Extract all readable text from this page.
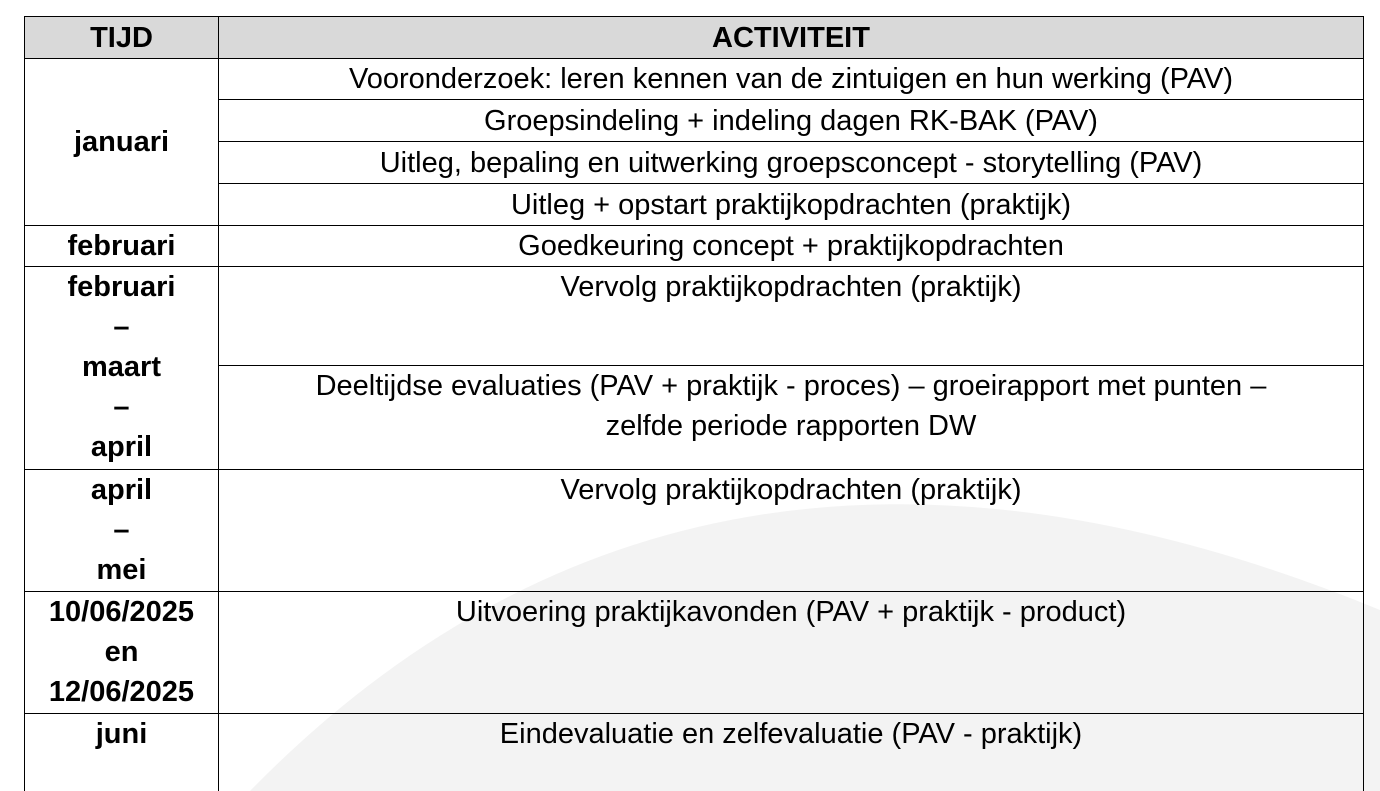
TIJD	ACTIVITEIT

januari	Vooronderzoek: leren kennen van de zintuigen en hun werking (PAV)

	Groepsindeling + indeling dagen RK-BAK (PAV)

	Uitleg, bepaling en uitwerking groepsconcept - storytelling (PAV)

	Uitleg + opstart praktijkopdrachten (praktijk)

februari	Goedkeuring concept + praktijkopdrachten

februari
–
maart
–
april	Vervolg praktijkopdrachten (praktijk)

	Deeltijdse evaluaties (PAV + praktijk - proces) – groeirapport met punten –
zelfde periode rapporten DW

april
–
mei	Vervolg praktijkopdrachten (praktijk)

10/06/2025
en
12/06/2025	Uitvoering praktijkavonden (PAV + praktijk - product)

juni	Eindevaluatie en zelfevaluatie (PAV - praktijk)
